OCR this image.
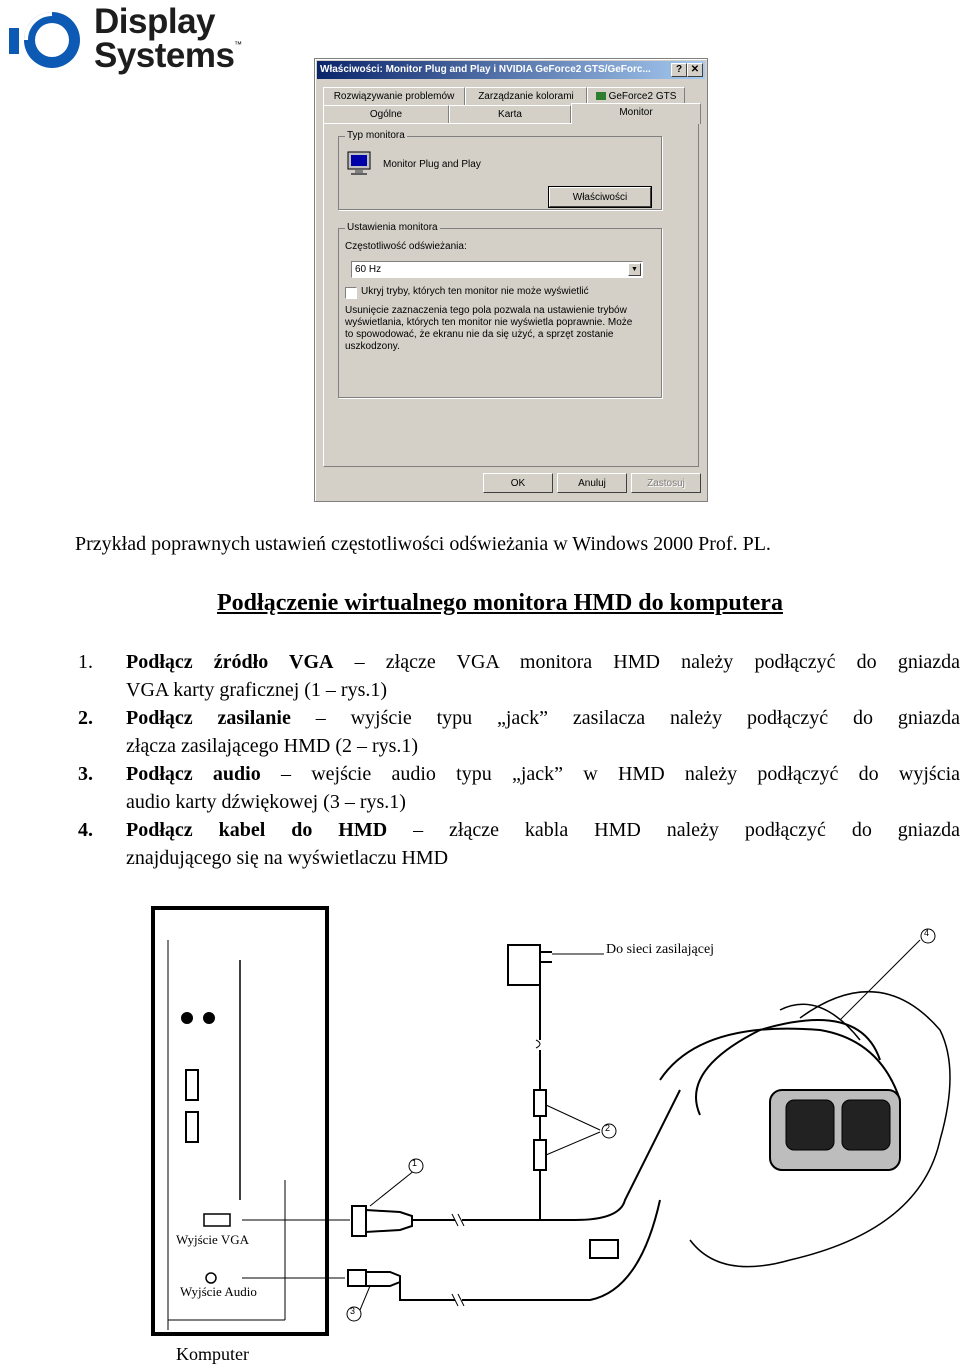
Display
Systems ™
Właściwości: Monitor Plug and Play i NVIDIA GeForce2 GTS/GeForc...	? ✕
Rozwiązywanie problemów	Zarządzanie kolorami	GeForce2 GTS
Ogólne	Karta	Monitor
Typ monitora
Monitor Plug and Play
Właściwości
Ustawienia monitora
Częstotliwość odświeżania:
60 Hz	▼
Ukryj tryby, których ten monitor nie może wyświetlić
Usunięcie zaznaczenia tego pola pozwala na ustawienie trybów wyświetlania, których ten monitor nie wyświetla poprawnie. Może to spowodować, że ekranu nie da się użyć, a sprzęt zostanie uszkodzony.
OK	Anuluj	Zastosuj
Przykład poprawnych ustawień częstotliwości odświeżania w Windows 2000 Prof. PL.
Podłączenie wirtualnego monitora HMD do komputera
1. Podłącz źródło VGA – złącze VGA monitora HMD należy podłączyć do gniazda
VGA karty graficznej (1 – rys.1)
2. Podłącz zasilanie – wyjście typu „jack” zasilacza należy podłączyć do gniazda
złącza zasilającego HMD (2 – rys.1)
3. Podłącz audio – wejście audio typu „jack” w HMD należy podłączyć do wyjścia
audio karty dźwiękowej (3 – rys.1)
4. Podłącz kabel do HMD – złącze kabla HMD należy podłączyć do gniazda
znajdującego się na wyświetlaczu HMD
1
2
3
4
Do sieci zasilającej
Wyjście VGA
Wyjście Audio
Komputer
